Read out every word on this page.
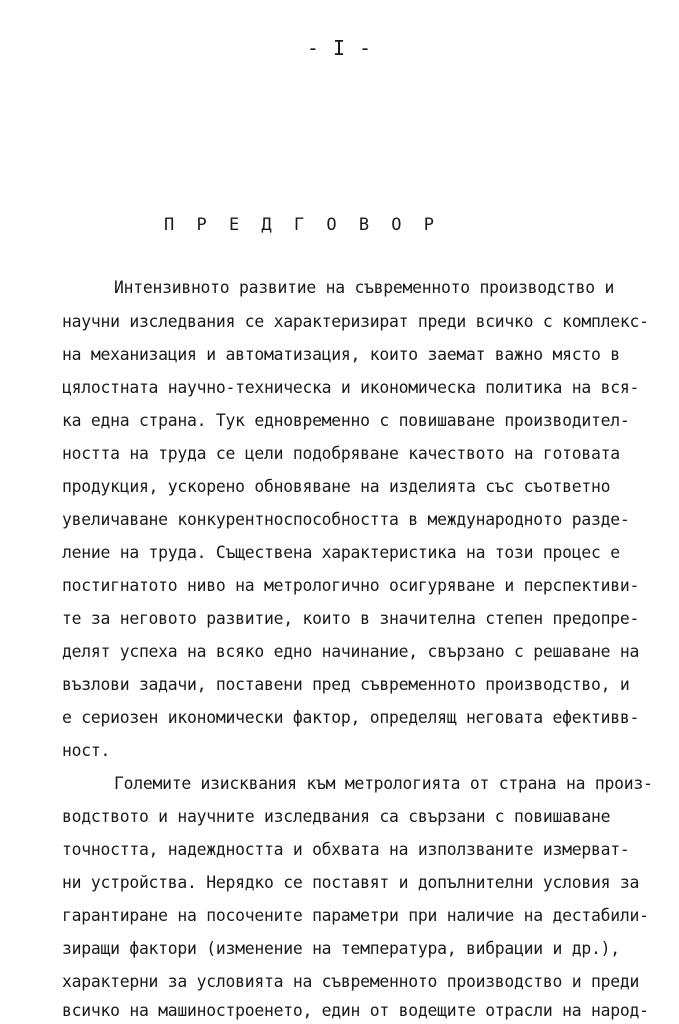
- I -
П Р Е Д Г О В О Р
Интензивното развитие на съвременното производство и
научни изследвания се характеризират преди всичко с комплекс-
на механизация и автоматизация, които заемат важно място в
цялостната научно-техническа и икономическа политика на вся-
ка една страна. Тук едновременно с повишаване производител-
ността на труда се цели подобряване качеството на готовата
продукция, ускорено обновяване на изделията със съответно
увеличаване конкурентноспособността в международното разде-
ление на труда. Съществена характеристика на този процес е
постигнатото ниво на метрологично осигуряване и перспективи-
те за неговото развитие, които в значителна степен предопре-
делят успеха на всяко едно начинание, свързано с решаване на
възлови задачи, поставени пред съвременното производство, и
е сериозен икономически фактор, определящ неговата ефективв-
ност.
Големите изисквания към метрологията от страна на произ-
водството и научните изследвания са свързани с повишаване
точността, надеждността и обхвата на използваните измерват-
ни устройства. Нерядко се поставят и допълнителни условия за
гарантиране на посочените параметри при наличие на дестабили-
зиращи фактори (изменение на температура, вибрации и др.),
характерни за условията на съвременното производство и преди
всичко на машиностроенето, един от водещите отрасли на народ-
